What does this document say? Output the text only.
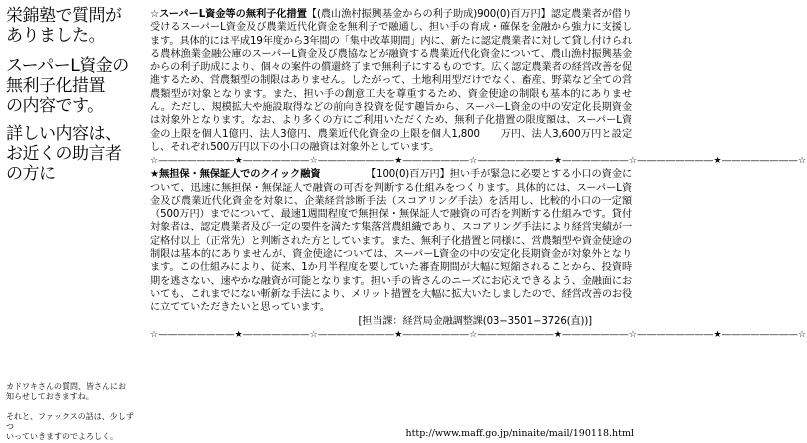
栄錦塾で質問が
ありました。
スーパーL資金の
無利子化措置
の内容です。
詳しい内容は、
お近くの助言者
の方に
カドワキさんの質問、皆さんにお
知らせしておきますね。

それと、ファックスの話は、少しずつ
いっていきますのでよろしく。
☆スーパーL資金等の無利子化措置【(農山漁村振興基金からの利子助成)900(0)百万円】認定農業者が借り受けるスーパーL資金及び農業近代化資金を無利子で融通し、担い手の育成・確保を金融から強力に支援します。具体的には平成19年度から3年間の「集中改革期間」内に、新たに認定農業者に対して貸し付けられる農林漁業金融公庫のスーパーL資金及び農協などが融資する農業近代化資金について、農山漁村振興基金からの利子助成により、個々の案件の償還終了まで無利子にするものです。広く認定農業者の経営改善を促進するため、営農類型の制限はありません。したがって、土地利用型だけでなく、畜産、野菜など全ての営農類型が対象となります。また、担い手の創意工夫を尊重するため、資金使途の制限も基本的にありません。ただし、規模拡大や施設取得などの前向き投資を促す趣旨から、スーパーL資金の中の安定化長期資金は対象外となります。なお、より多くの方にご利用いただくため、無利子化措置の限度額は、スーパーL資金の上限を個人1億円、法人3億円、農業近代化資金の上限を個人1,800　　万円、法人3,600万円と設定し、それぞれ500万円以下の小口の融資は対象外としています。
☆――――――――★―――――――☆――――――――★―――――――☆――――――――★―――――――☆――――――――★――――――――☆
★無担保・無保証人でのクイック融資　　　　　	【100(0)百万円】担い手が緊急に必要とする小口の資金について、迅速に無担保・無保証人で融資の可否を判断する仕組みをつくります。具体的には、スーパーL資金及び農業近代化資金を対象に、企業経営診断手法（スコアリング手法）を活用し、比較的小口の一定額（500万円）までについて、最速1週間程度で無担保・無保証人で融資の可否を判断する仕組みです。貸付対象者は、認定農業者及び一定の要件を満たす集落営農組織であり、スコアリング手法により経営実績が一定格付以上（正常先）と判断された方としています。また、無利子化措置と同様に、営農類型や資金使途の制限は基本的にありませんが、資金使途については、スーパーL資金の中の安定化長期資金が対象外となります。この仕組みにより、従来、1か月半程度を要していた審査期間が大幅に短縮されることから、投資時期を逃さない、速やかな融資が可能となります。担い手の皆さんのニーズにお応えできるよう、金融面においても、これまでにない斬新な手法により、メリット措置を大幅に拡大いたしましたので、経営改善のお役に立てていただきたいと思っています。
[担当課：経営局金融調整課(03−3501−3726(直))]
☆――――――――★―――――――☆――――――――★―――――――☆――――――――★―――――――☆――――――――★――――――――☆
http://www.maff.go.jp/ninaite/mail/190118.html
